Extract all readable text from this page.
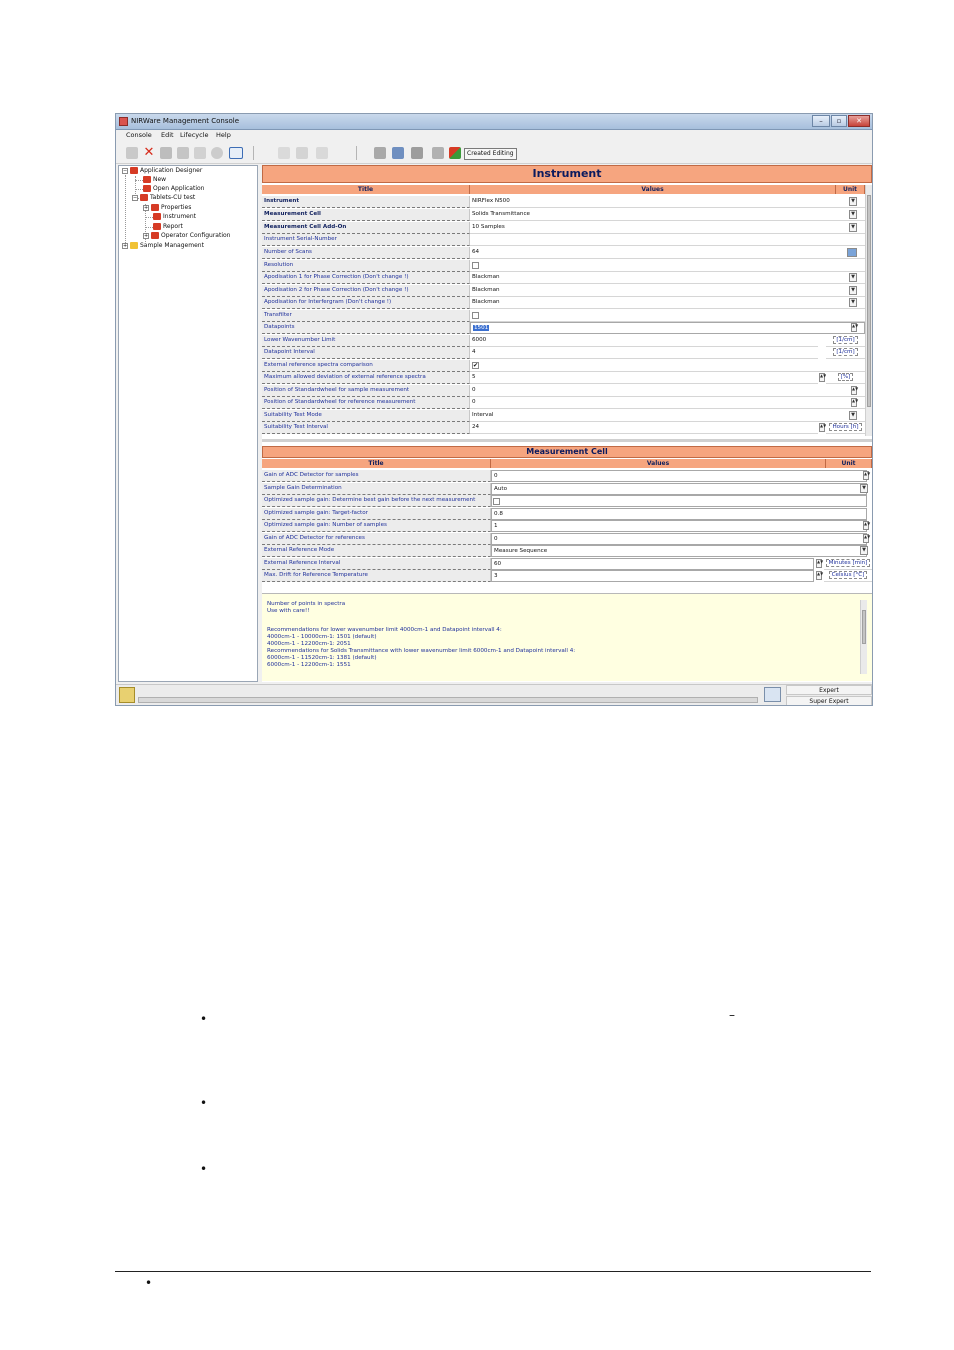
NIRWare Management Console	–	▫	✕
Console Edit Lifecycle Help
✕	Created Editing
− Application Designer
New
Open Application
− Tablets-CU test
+ Properties
Instrument
Report
+ Operator Configuration
+ Sample Management
Instrument
Title	Values	Unit
Instrument	NIRFlex N500	▼
Measurement Cell	Solids Transmittance	▼
Measurement Cell Add-On	10 Samples	▼
Instrument Serial-Number
Number of Scans	64
Resolution
Apodisation 1 for Phase Correction (Don't change !)	Blackman	▼
Apodisation 2 for Phase Correction (Don't change !)	Blackman	▼
Apodisation for Interfergram (Don't change !)	Blackman	▼
Transfilter
Datapoints	1501	▲▼
Lower Wavenumber Limit	6000	[1/cm]
Datapoint Interval	4	[1/cm]
External reference spectra comparison	✔
Maximum allowed deviation of external reference spectra	5	▲▼	[%]
Position of Standardwheel for sample measurement	0	▲▼
Position of Standardwheel for reference measurement	0	▲▼
Suitability Test Mode	Interval	▼
Suitability Test Interval	24	▲▼	Hours [h]
Measurement Cell
Title	Values	Unit
Gain of ADC Detector for samples	0	▲▼
Sample Gain Determination	Auto	▼
Optimized sample gain: Determine best gain before the next measurement
Optimized sample gain: Target-factor	0.8
Optimized sample gain: Number of samples	1	▲▼
Gain of ADC Detector for references	0	▲▼
External Reference Mode	Measure Sequence	▼
External Reference Interval	60	▲▼ Minutes [min]
Max. Drift for Reference Temperature	3	▲▼	Celsius [°C]
Number of points in spectra
Use with care!!
Recommendations for lower wavenumber limit 4000cm-1 and Datapoint intervall 4:
4000cm-1 - 10000cm-1: 1501 (default)
4000cm-1 - 12200cm-1: 2051
Recommendations for Solids Transmittance with lower wavenumber limit 6000cm-1 and Datapoint intervall 4:
6000cm-1 - 11520cm-1: 1381 (default)
6000cm-1 - 12200cm-1: 1551
Expert
Super Expert
•	–
•
•
•
